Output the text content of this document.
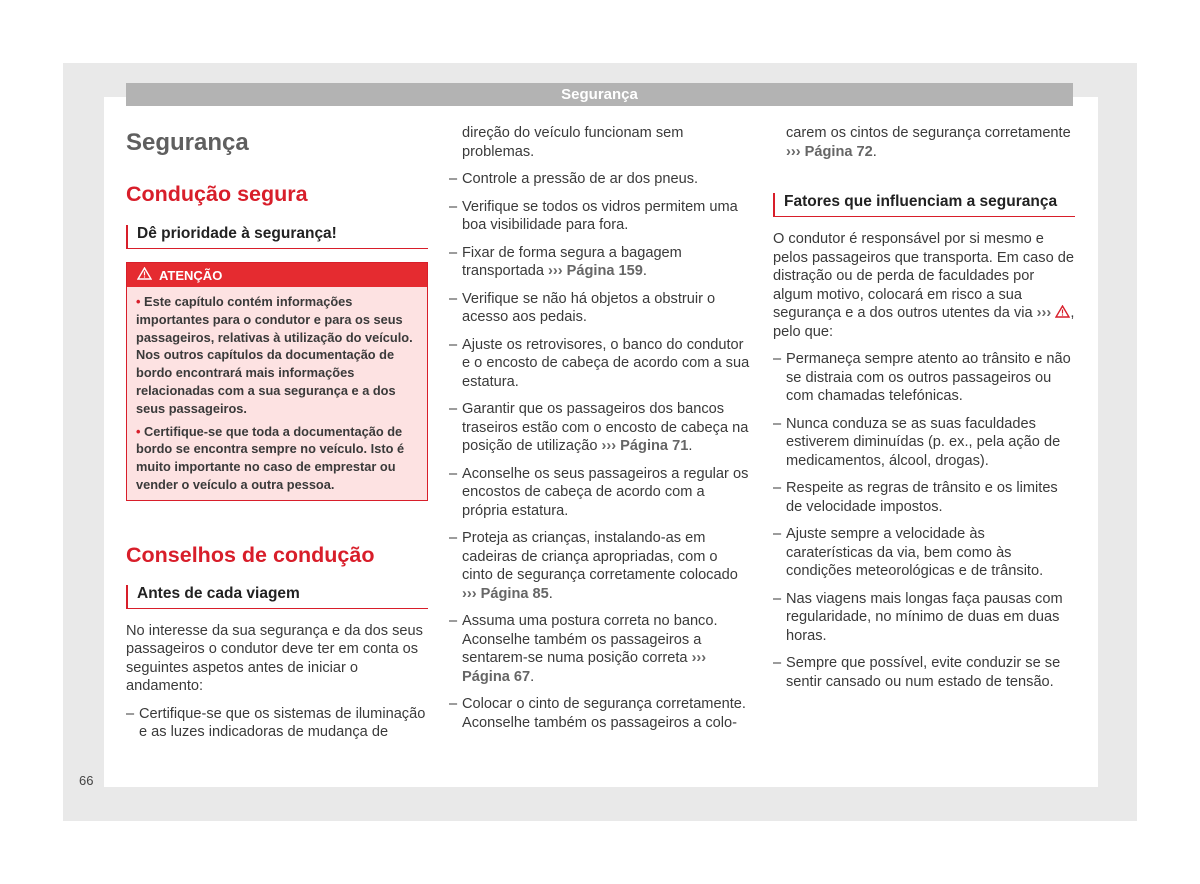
Segurança
Segurança
Condução segura
Dê prioridade à segurança!
ATENÇÃO
• Este capítulo contém informações importantes para o condutor e para os seus passageiros, relativas à utilização do veículo. Nos outros capítulos da documentação de bordo encontrará mais informações relacionadas com a sua segurança e a dos seus passageiros.
• Certifique-se que toda a documentação de bordo se encontra sempre no veículo. Isto é muito importante no caso de emprestar ou vender o veículo a outra pessoa.
Conselhos de condução
Antes de cada viagem

No interesse da sua segurança e da dos seus passageiros o condutor deve ter em conta os seguintes aspetos antes de iniciar o andamento:

– Certifique-se que os sistemas de iluminação e as luzes indicadoras de mudança de

direção do veículo funcionam sem problemas.

– Controle a pressão de ar dos pneus.
– Verifique se todos os vidros permitem uma boa visibilidade para fora.
– Fixar de forma segura a bagagem transportada ››› Página 159.
– Verifique se não há objetos a obstruir o acesso aos pedais.
– Ajuste os retrovisores, o banco do condutor e o encosto de cabeça de acordo com a sua estatura.
– Garantir que os passageiros dos bancos traseiros estão com o encosto de cabeça na posição de utilização ››› Página 71.
– Aconselhe os seus passageiros a regular os encostos de cabeça de acordo com a própria estatura.
– Proteja as crianças, instalando-as em cadeiras de criança apropriadas, com o cinto de segurança corretamente colocado ››› Página 85.
– Assuma uma postura correta no banco. Aconselhe também os passageiros a sentarem-se numa posição correta ››› Página 67.
– Colocar o cinto de segurança corretamente. Aconselhe também os passageiros a colo-

carem os cintos de segurança corretamente ››› Página 72.

Fatores que influenciam a segurança

O condutor é responsável por si mesmo e pelos passageiros que transporta. Em caso de distração ou de perda de faculdades por algum motivo, colocará em risco a sua segurança e a dos outros utentes da via ››› , pelo que:

– Permaneça sempre atento ao trânsito e não se distraia com os outros passageiros ou com chamadas telefónicas.
– Nunca conduza se as suas faculdades estiverem diminuídas (p. ex., pela ação de medicamentos, álcool, drogas).
– Respeite as regras de trânsito e os limites de velocidade impostos.
– Ajuste sempre a velocidade às caraterísticas da via, bem como às condições meteorológicas e de trânsito.
– Nas viagens mais longas faça pausas com regularidade, no mínimo de duas em duas horas.
– Sempre que possível, evite conduzir se se sentir cansado ou num estado de tensão.
66
